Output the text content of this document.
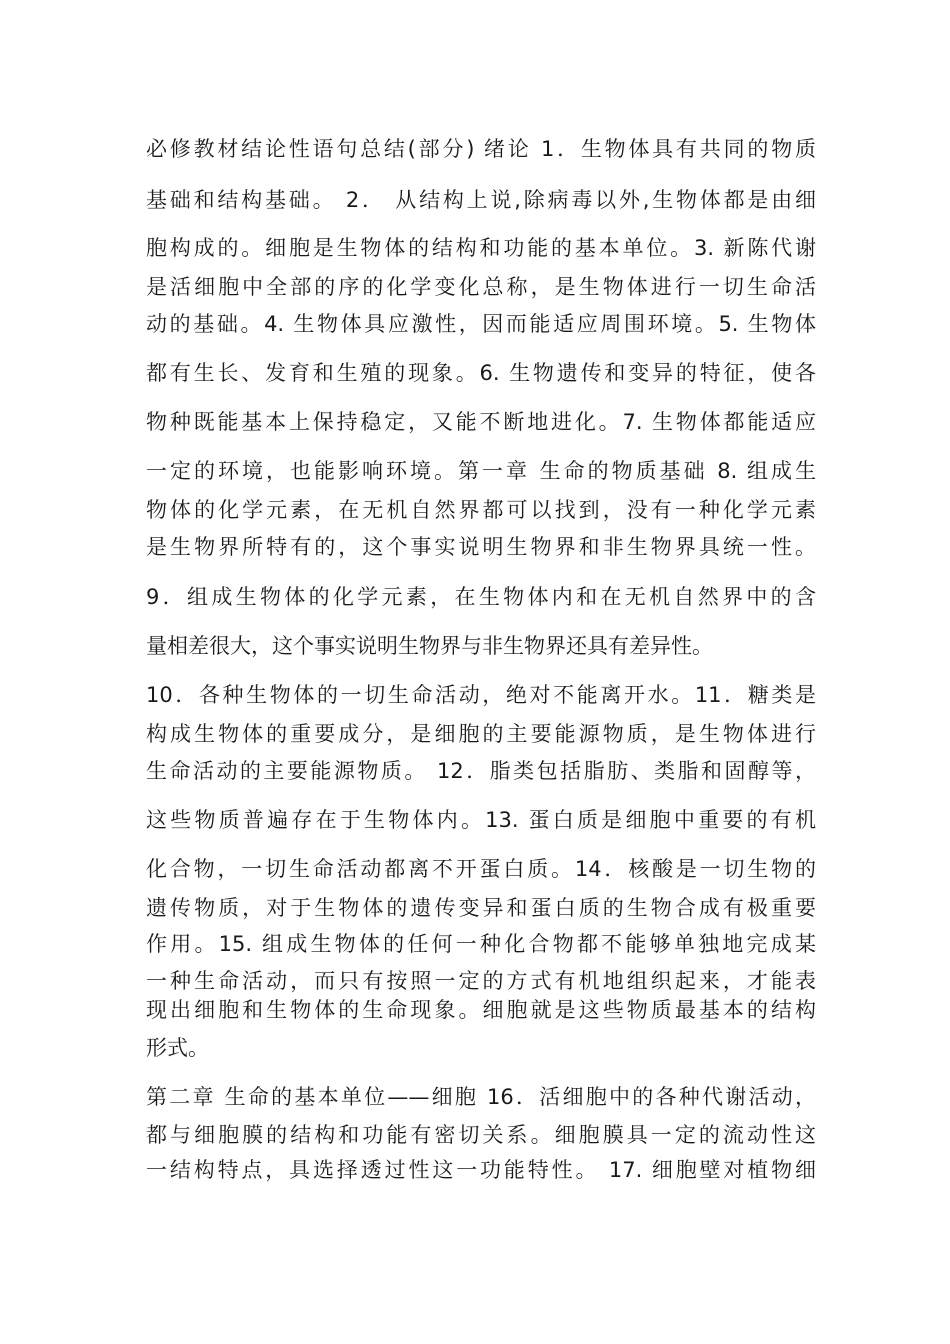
必修教材结论性语句总结(部分) 绪论 1．生物体具有共同的物质
基础和结构基础。 2． 从结构上说,除病毒以外,生物体都是由细
胞构成的。细胞是生物体的结构和功能的基本单位。3. 新陈代谢
是活细胞中全部的序的化学变化总称，是生物体进行一切生命活
动的基础。4. 生物体具应激性，因而能适应周围环境。5. 生物体
都有生长、发育和生殖的现象。6. 生物遗传和变异的特征，使各
物种既能基本上保持稳定，又能不断地进化。7. 生物体都能适应
一定的环境，也能影响环境。第一章 生命的物质基础 8. 组成生
物体的化学元素，在无机自然界都可以找到，没有一种化学元素
是生物界所特有的，这个事实说明生物界和非生物界具统一性。
9．组成生物体的化学元素，在生物体内和在无机自然界中的含
量相差很大，这个事实说明生物界与非生物界还具有差异性。
10．各种生物体的一切生命活动，绝对不能离开水。11．糖类是
构成生物体的重要成分，是细胞的主要能源物质，是生物体进行
生命活动的主要能源物质。 12．脂类包括脂肪、类脂和固醇等，
这些物质普遍存在于生物体内。13. 蛋白质是细胞中重要的有机
化合物，一切生命活动都离不开蛋白质。14．核酸是一切生物的
遗传物质，对于生物体的遗传变异和蛋白质的生物合成有极重要
作用。15. 组成生物体的任何一种化合物都不能够单独地完成某
一种生命活动，而只有按照一定的方式有机地组织起来，才能表
现出细胞和生物体的生命现象。细胞就是这些物质最基本的结构
形式。
第二章 生命的基本单位——细胞 16．活细胞中的各种代谢活动，
都与细胞膜的结构和功能有密切关系。细胞膜具一定的流动性这
一结构特点，具选择透过性这一功能特性。 17. 细胞壁对植物细
